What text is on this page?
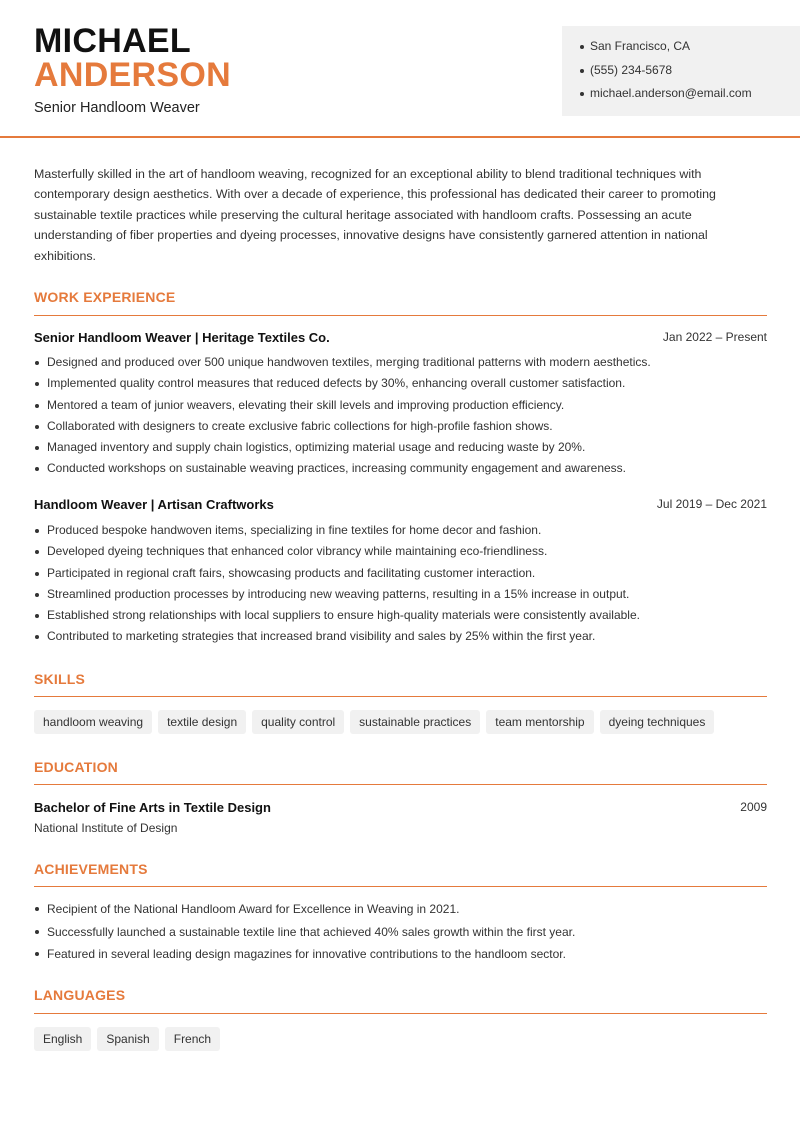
MICHAEL
ANDERSON
Senior Handloom Weaver
San Francisco, CA
(555) 234-5678
michael.anderson@email.com
Masterfully skilled in the art of handloom weaving, recognized for an exceptional ability to blend traditional techniques with contemporary design aesthetics. With over a decade of experience, this professional has dedicated their career to promoting sustainable textile practices while preserving the cultural heritage associated with handloom crafts. Possessing an acute understanding of fiber properties and dyeing processes, innovative designs have consistently garnered attention in national exhibitions.
WORK EXPERIENCE
Senior Handloom Weaver | Heritage Textiles Co.	Jan 2022 – Present
Designed and produced over 500 unique handwoven textiles, merging traditional patterns with modern aesthetics.
Implemented quality control measures that reduced defects by 30%, enhancing overall customer satisfaction.
Mentored a team of junior weavers, elevating their skill levels and improving production efficiency.
Collaborated with designers to create exclusive fabric collections for high-profile fashion shows.
Managed inventory and supply chain logistics, optimizing material usage and reducing waste by 20%.
Conducted workshops on sustainable weaving practices, increasing community engagement and awareness.
Handloom Weaver | Artisan Craftworks	Jul 2019 – Dec 2021
Produced bespoke handwoven items, specializing in fine textiles for home decor and fashion.
Developed dyeing techniques that enhanced color vibrancy while maintaining eco-friendliness.
Participated in regional craft fairs, showcasing products and facilitating customer interaction.
Streamlined production processes by introducing new weaving patterns, resulting in a 15% increase in output.
Established strong relationships with local suppliers to ensure high-quality materials were consistently available.
Contributed to marketing strategies that increased brand visibility and sales by 25% within the first year.
SKILLS
handloom weaving	textile design	quality control	sustainable practices	team mentorship	dyeing techniques
EDUCATION
Bachelor of Fine Arts in Textile Design	2009
National Institute of Design
ACHIEVEMENTS
Recipient of the National Handloom Award for Excellence in Weaving in 2021.
Successfully launched a sustainable textile line that achieved 40% sales growth within the first year.
Featured in several leading design magazines for innovative contributions to the handloom sector.
LANGUAGES
English	Spanish	French
